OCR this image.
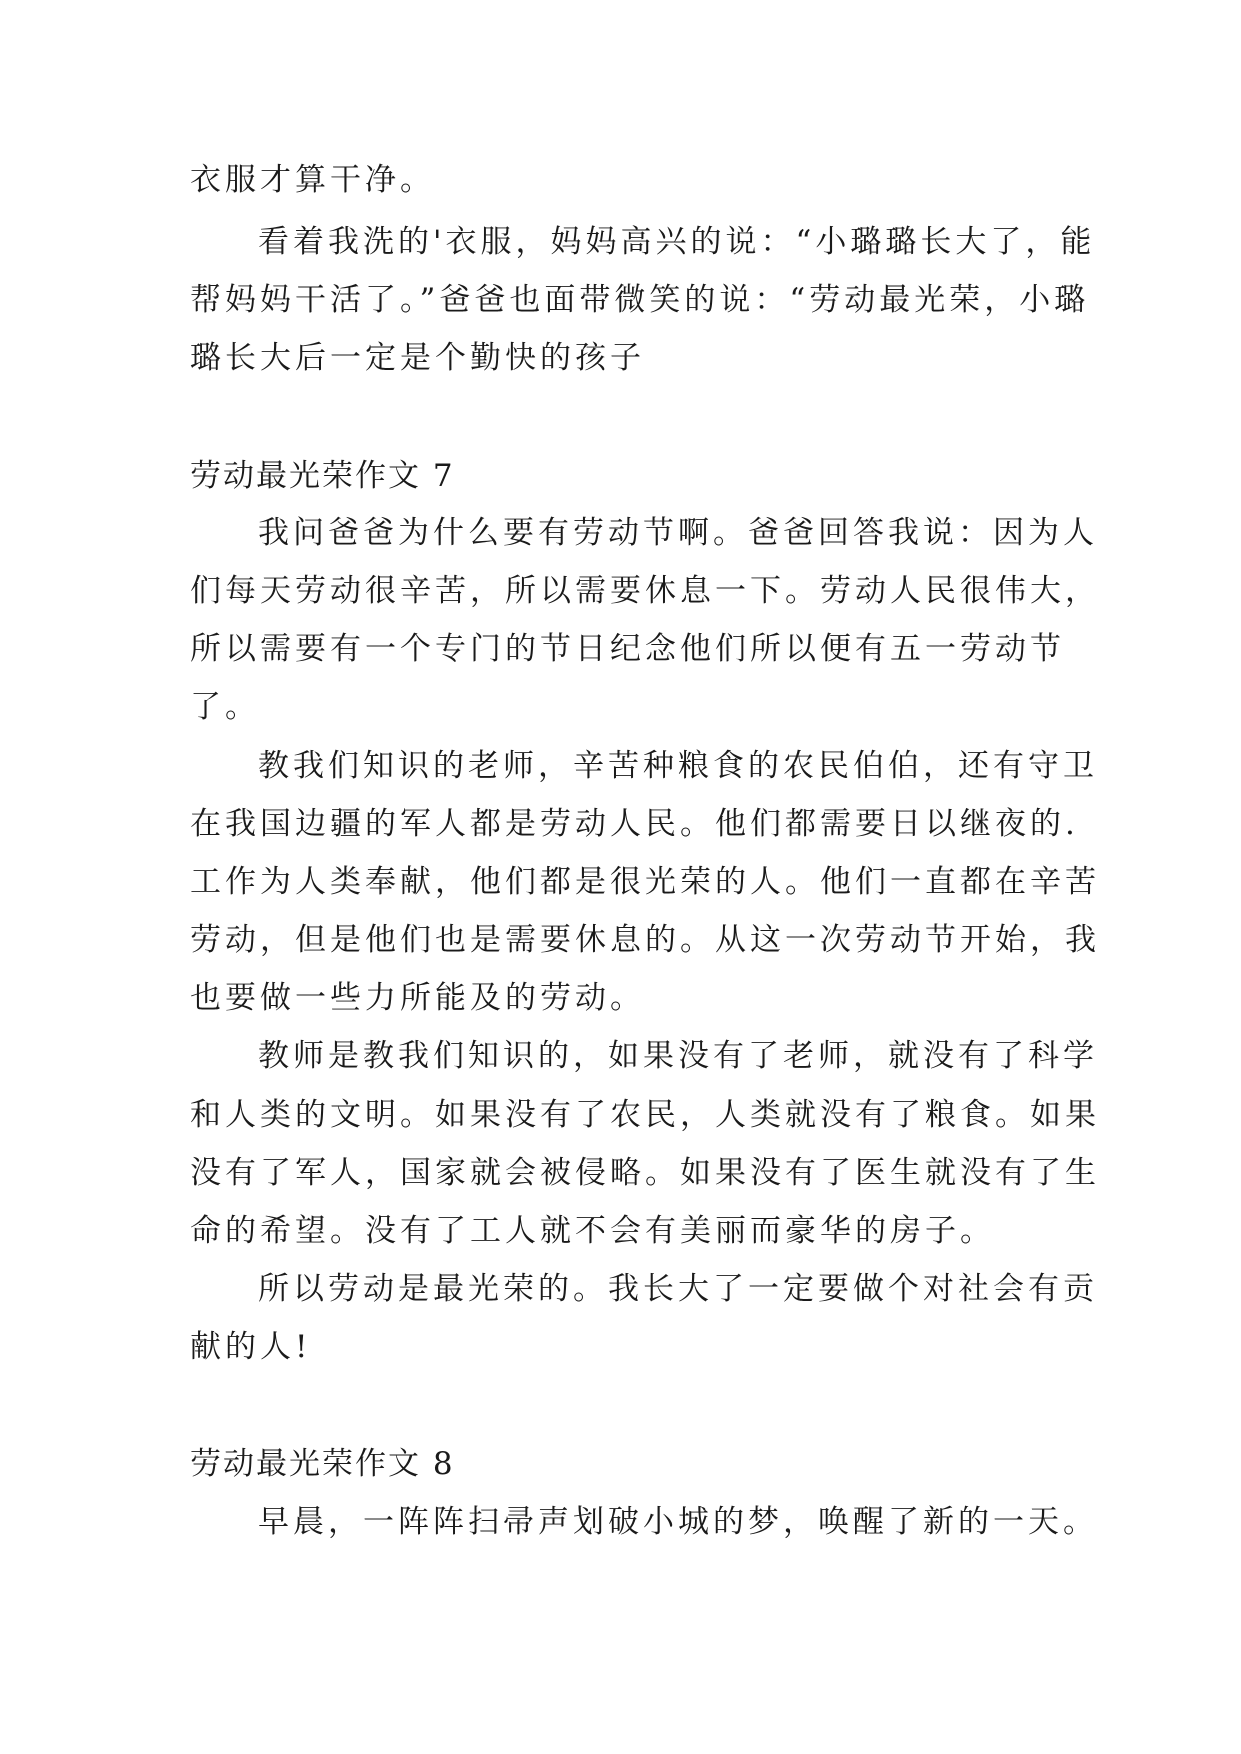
衣服才算干净。
看着我洗的'衣服，妈妈高兴的说：“小璐璐长大了，能
帮妈妈干活了。”爸爸也面带微笑的说：“劳动最光荣，小璐
璐长大后一定是个勤快的孩子
劳动最光荣作文 7
我问爸爸为什么要有劳动节啊。爸爸回答我说：因为人
们每天劳动很辛苦，所以需要休息一下。劳动人民很伟大，
所以需要有一个专门的节日纪念他们所以便有五一劳动节
了。
教我们知识的老师，辛苦种粮食的农民伯伯，还有守卫
在我国边疆的军人都是劳动人民。他们都需要日以继夜的.
工作为人类奉献，他们都是很光荣的人。他们一直都在辛苦
劳动，但是他们也是需要休息的。从这一次劳动节开始，我
也要做一些力所能及的劳动。
教师是教我们知识的，如果没有了老师，就没有了科学
和人类的文明。如果没有了农民，人类就没有了粮食。如果
没有了军人，国家就会被侵略。如果没有了医生就没有了生
命的希望。没有了工人就不会有美丽而豪华的房子。
所以劳动是最光荣的。我长大了一定要做个对社会有贡
献的人!
劳动最光荣作文 8
早晨，一阵阵扫帚声划破小城的梦，唤醒了新的一天。
